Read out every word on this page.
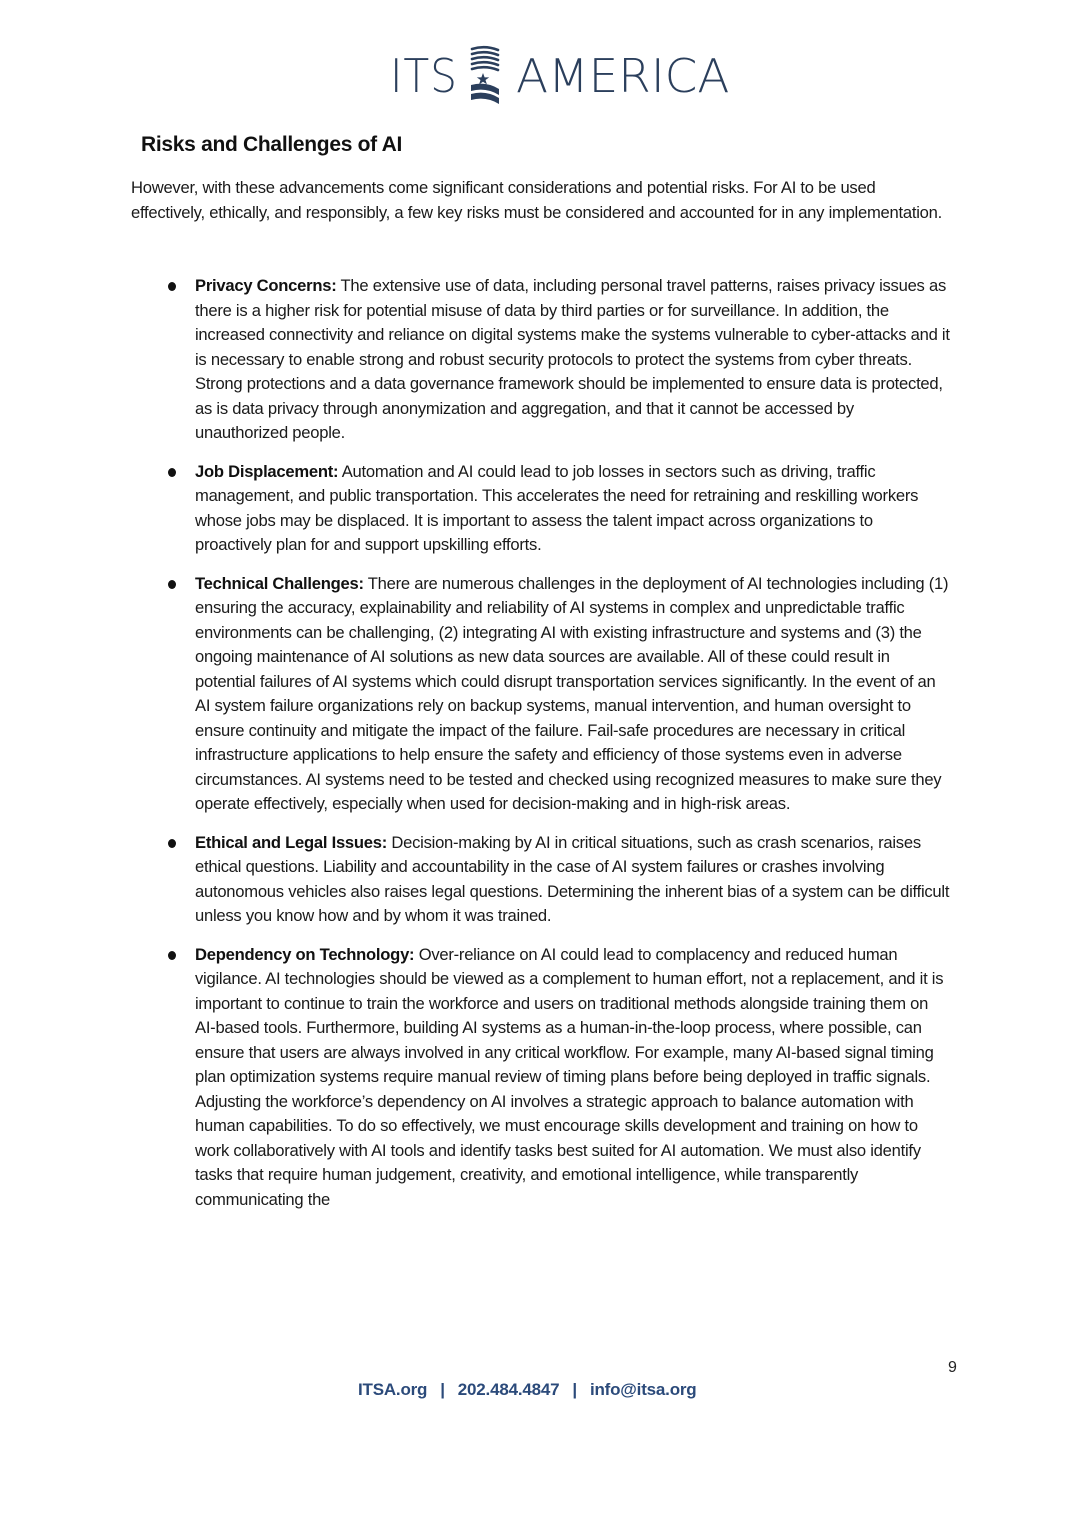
ITS AMERICA
Risks and Challenges of AI

However, with these advancements come significant considerations and potential risks. For AI to be used effectively, ethically, and responsibly, a few key risks must be considered and accounted for in any implementation.

Privacy Concerns: The extensive use of data, including personal travel patterns, raises privacy issues as there is a higher risk for potential misuse of data by third parties or for surveillance. In addition, the increased connectivity and reliance on digital systems make the systems vulnerable to cyber-attacks and it is necessary to enable strong and robust security protocols to protect the systems from cyber threats. Strong protections and a data governance framework should be implemented to ensure data is protected, as is data privacy through anonymization and aggregation, and that it cannot be accessed by unauthorized people.
Job Displacement: Automation and AI could lead to job losses in sectors such as driving, traffic management, and public transportation. This accelerates the need for retraining and reskilling workers whose jobs may be displaced. It is important to assess the talent impact across organizations to proactively plan for and support upskilling efforts.
Technical Challenges: There are numerous challenges in the deployment of AI technologies including (1) ensuring the accuracy, explainability and reliability of AI systems in complex and unpredictable traffic environments can be challenging, (2) integrating AI with existing infrastructure and systems and (3) the ongoing maintenance of AI solutions as new data sources are available. All of these could result in potential failures of AI systems which could disrupt transportation services significantly. In the event of an AI system failure organizations rely on backup systems, manual intervention, and human oversight to ensure continuity and mitigate the impact of the failure. Fail-safe procedures are necessary in critical infrastructure applications to help ensure the safety and efficiency of those systems even in adverse circumstances. AI systems need to be tested and checked using recognized measures to make sure they operate effectively, especially when used for decision-making and in high-risk areas.
Ethical and Legal Issues: Decision-making by AI in critical situations, such as crash scenarios, raises ethical questions. Liability and accountability in the case of AI system failures or crashes involving autonomous vehicles also raises legal questions. Determining the inherent bias of a system can be difficult unless you know how and by whom it was trained.
Dependency on Technology: Over-reliance on AI could lead to complacency and reduced human vigilance. AI technologies should be viewed as a complement to human effort, not a replacement, and it is important to continue to train the workforce and users on traditional methods alongside training them on AI-based tools. Furthermore, building AI systems as a human-in-the-loop process, where possible, can ensure that users are always involved in any critical workflow. For example, many AI-based signal timing plan optimization systems require manual review of timing plans before being deployed in traffic signals. Adjusting the workforce’s dependency on AI involves a strategic approach to balance automation with human capabilities. To do so effectively, we must encourage skills development and training on how to work collaboratively with AI tools and identify tasks best suited for AI automation. We must also identify tasks that require human judgement, creativity, and emotional intelligence, while transparently communicating the
9
ITSA.org | 202.484.4847 | info@itsa.org
